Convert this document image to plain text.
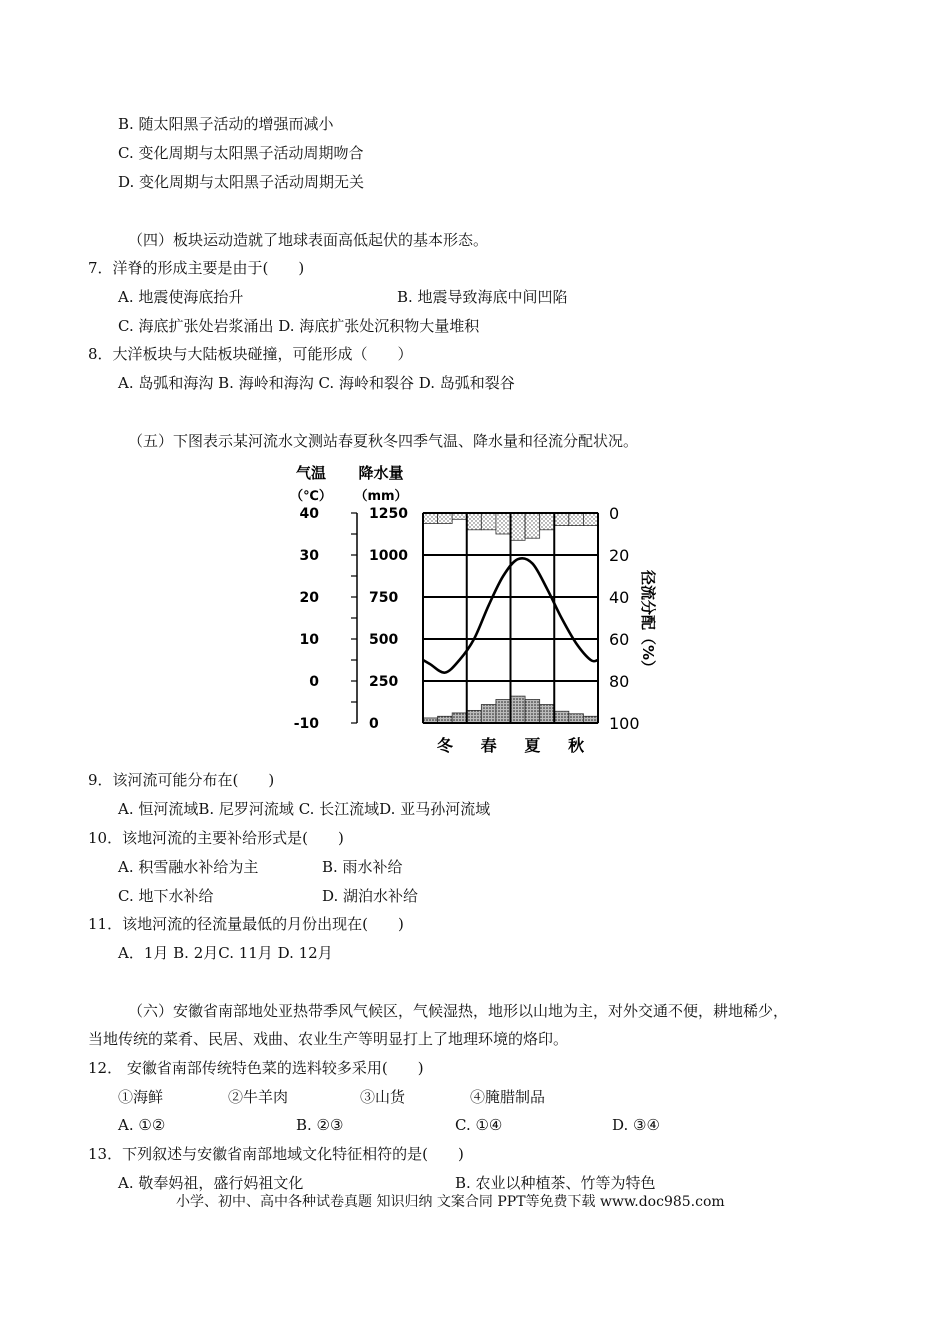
B. 随太阳黑子活动的增强而减小
C. 变化周期与太阳黑子活动周期吻合
D. 变化周期与太阳黑子活动周期无关
（四）板块运动造就了地球表面高低起伏的基本形态。
7．洋脊的形成主要是由于(　　)
A. 地震使海底抬升	B. 地震导致海底中间凹陷
C. 海底扩张处岩浆涌出 D. 海底扩张处沉积物大量堆积
8．大洋板块与大陆板块碰撞，可能形成（　　）
A. 岛弧和海沟 B. 海岭和海沟 C. 海岭和裂谷 D. 岛弧和裂谷
（五）下图表示某河流水文测站春夏秋冬四季气温、降水量和径流分配状况。
40
30
20
10
0
-10
1250
1000
750
500
250
0
0
20
40
60
80
100
冬 春 夏 秋
气温
（℃）
降水量
（mm）
径流分配（%）
9．该河流可能分布在(　　)
A. 恒河流域B. 尼罗河流域 C. 长江流域D. 亚马孙河流域
10．该地河流的主要补给形式是(　　)
A. 积雪融水补给为主	B. 雨水补给
C. 地下水补给	D. 湖泊水补给
11．该地河流的径流量最低的月份出现在(　　)
A．1月 B. 2月C. 11月 D. 12月
（六）安徽省南部地处亚热带季风气候区，气候湿热，地形以山地为主，对外交通不便，耕地稀少，
当地传统的菜肴、民居、戏曲、农业生产等明显打上了地理环境的烙印。
12． 安徽省南部传统特色菜的选料较多采用(　　)
①海鲜	②牛羊肉	③山货	④腌腊制品
A. ①②	B. ②③	C. ①④	D. ③④
13．下列叙述与安徽省南部地域文化特征相符的是(　　)
A. 敬奉妈祖，盛行妈祖文化	B. 农业以种植茶、竹等为特色
小学、初中、高中各种试卷真题 知识归纳 文案合同 PPT等免费下载 www.doc985.com
